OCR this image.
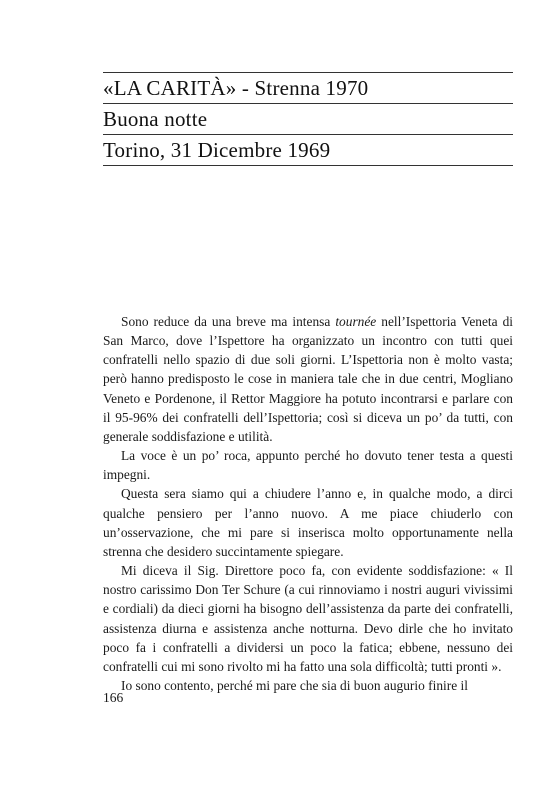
«LA CARITÀ» - Strenna 1970
Buona notte
Torino, 31 Dicembre 1969

Sono reduce da una breve ma intensa tournée nell’Ispettoria Veneta di San Marco, dove l’Ispettore ha organizzato un incontro con tutti quei confratelli nello spazio di due soli giorni. L’Ispettoria non è molto vasta; però hanno predisposto le cose in maniera tale che in due centri, Mogliano Veneto e Pordenone, il Rettor Maggiore ha potuto incontrarsi e parlare con il 95-96% dei confratelli dell’Ispettoria; così si diceva un po’ da tutti, con generale soddisfazione e utilità.

La voce è un po’ roca, appunto perché ho dovuto tener testa a questi impegni.

Questa sera siamo qui a chiudere l’anno e, in qualche modo, a dirci qualche pensiero per l’anno nuovo. A me piace chiuderlo con un’osservazione, che mi pare si inserisca molto opportunamente nella strenna che desidero succintamente spiegare.

Mi diceva il Sig. Direttore poco fa, con evidente soddisfazione: « Il nostro carissimo Don Ter Schure (a cui rinnoviamo i nostri auguri vivissimi e cordiali) da dieci giorni ha bisogno dell’assistenza da parte dei confratelli, assistenza diurna e assistenza anche notturna. Devo dirle che ho invitato poco fa i confratelli a dividersi un poco la fatica; ebbene, nessuno dei confratelli cui mi sono rivolto mi ha fatto una sola difficoltà; tutti pronti ».

Io sono contento, perché mi pare che sia di buon augurio finire il

166
